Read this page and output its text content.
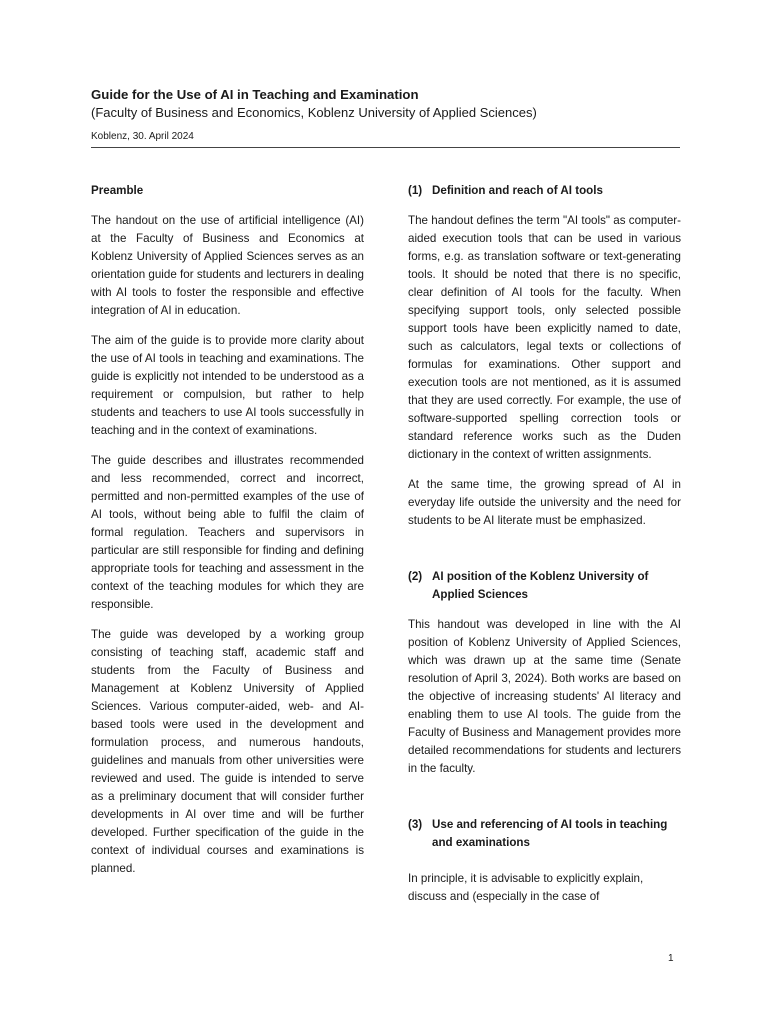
Guide for the Use of AI in Teaching and Examination

(Faculty of Business and Economics, Koblenz University of Applied Sciences)

Koblenz, 30. April 2024
Preamble

The handout on the use of artificial intelligence (AI) at the Faculty of Business and Economics at Koblenz University of Applied Sciences serves as an orientation guide for students and lecturers in dealing with AI tools to foster the responsible and effective integration of AI in education.

The aim of the guide is to provide more clarity about the use of AI tools in teaching and examinations. The guide is explicitly not intended to be understood as a requirement or compulsion, but rather to help students and teachers to use AI tools successfully in teaching and in the context of examinations.

The guide describes and illustrates recommended and less recommended, correct and incorrect, permitted and non-permitted examples of the use of AI tools, without being able to fulfil the claim of formal regulation. Teachers and supervisors in particular are still responsible for finding and defining appropriate tools for teaching and assessment in the context of the teaching modules for which they are responsible.

The guide was developed by a working group consisting of teaching staff, academic staff and students from the Faculty of Business and Management at Koblenz University of Applied Sciences. Various computer-aided, web- and AI-based tools were used in the development and formulation process, and numerous handouts, guidelines and manuals from other universities were reviewed and used. The guide is intended to serve as a preliminary document that will consider further developments in AI over time and will be further developed. Further specification of the guide in the context of individual courses and examinations is planned.

(1) Definition and reach of AI tools

The handout defines the term "AI tools" as computer-aided execution tools that can be used in various forms, e.g. as translation software or text-generating tools. It should be noted that there is no specific, clear definition of AI tools for the faculty. When specifying support tools, only selected possible support tools have been explicitly named to date, such as calculators, legal texts or collections of formulas for examinations. Other support and execution tools are not mentioned, as it is assumed that they are used correctly. For example, the use of software-supported spelling correction tools or standard reference works such as the Duden dictionary in the context of written assignments.

At the same time, the growing spread of AI in everyday life outside the university and the need for students to be AI literate must be emphasized.

(2) AI position of the Koblenz University of Applied Sciences

This handout was developed in line with the AI position of Koblenz University of Applied Sciences, which was drawn up at the same time (Senate resolution of April 3, 2024). Both works are based on the objective of increasing students' AI literacy and enabling them to use AI tools. The guide from the Faculty of Business and Management provides more detailed recommendations for students and lecturers in the faculty.

(3) Use and referencing of AI tools in teaching and examinations

In principle, it is advisable to explicitly explain, discuss and (especially in the case of

1
